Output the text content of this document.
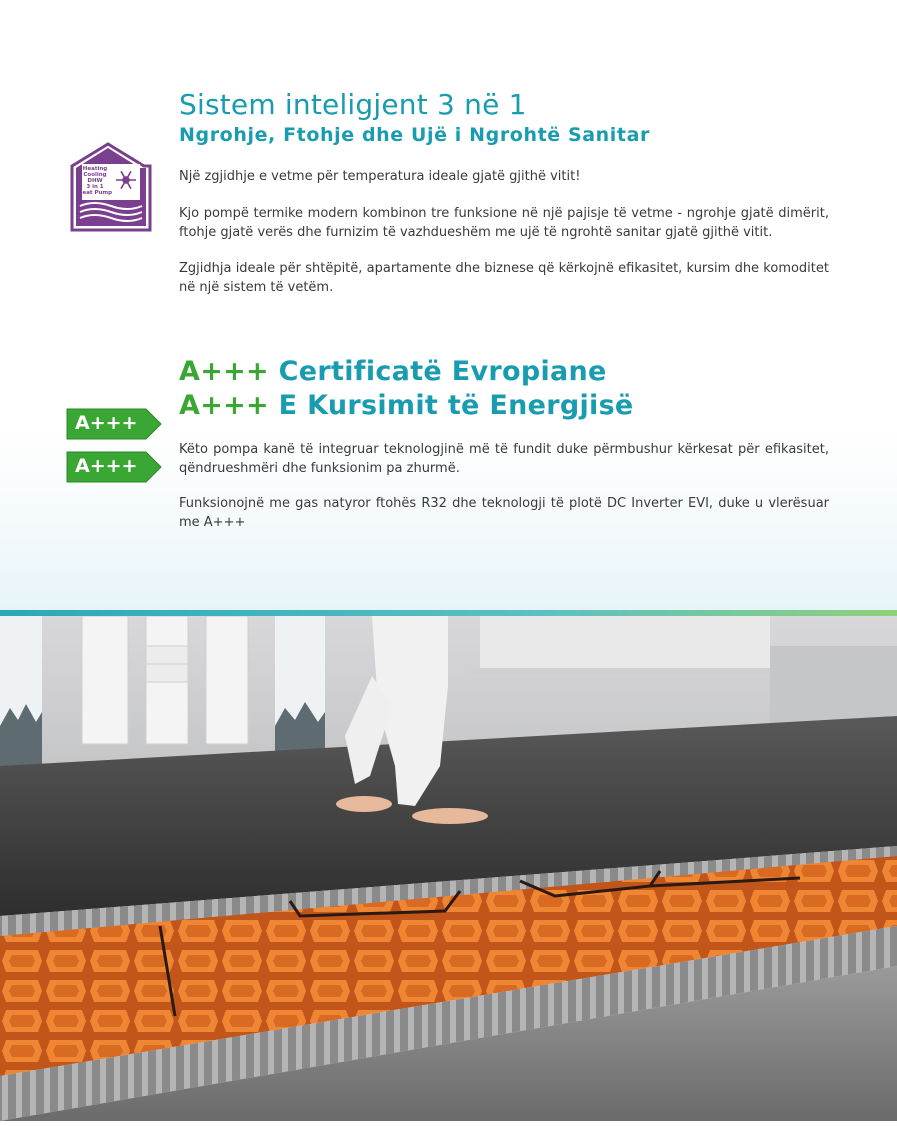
Sistem inteligjent 3 në 1
Ngrohje, Ftohje dhe Ujë i Ngrohtë Sanitar
Heating
Cooling
DHW
3 in 1
Heat Pump

Një zgjidhje e vetme për temperatura ideale gjatë gjithë vitit!

Kjo pompë termike modern kombinon tre funksione në një pajisje të vetme - ngrohje gjatë dimërit, ftohje gjatë verës dhe furnizim të vazhdueshëm me ujë të ngrohtë sanitar gjatë gjithë vitit.

Zgjidhja ideale për shtëpitë, apartamente dhe biznese që kërkojnë efikasitet, kursim dhe komoditet në një sistem të vetëm.

A+++ Certificatë Evropiane
A+++ E Kursimit të Energjisë
A+++
A+++

Këto pompa kanë të integruar teknologjinë më të fundit duke përmbushur kërkesat për efikasitet, qëndrueshmëri dhe funksionim pa zhurmë.

Funksionojnë me gas natyror ftohës R32 dhe teknologji të plotë DC Inverter EVI, duke u vlerësuar me A+++
